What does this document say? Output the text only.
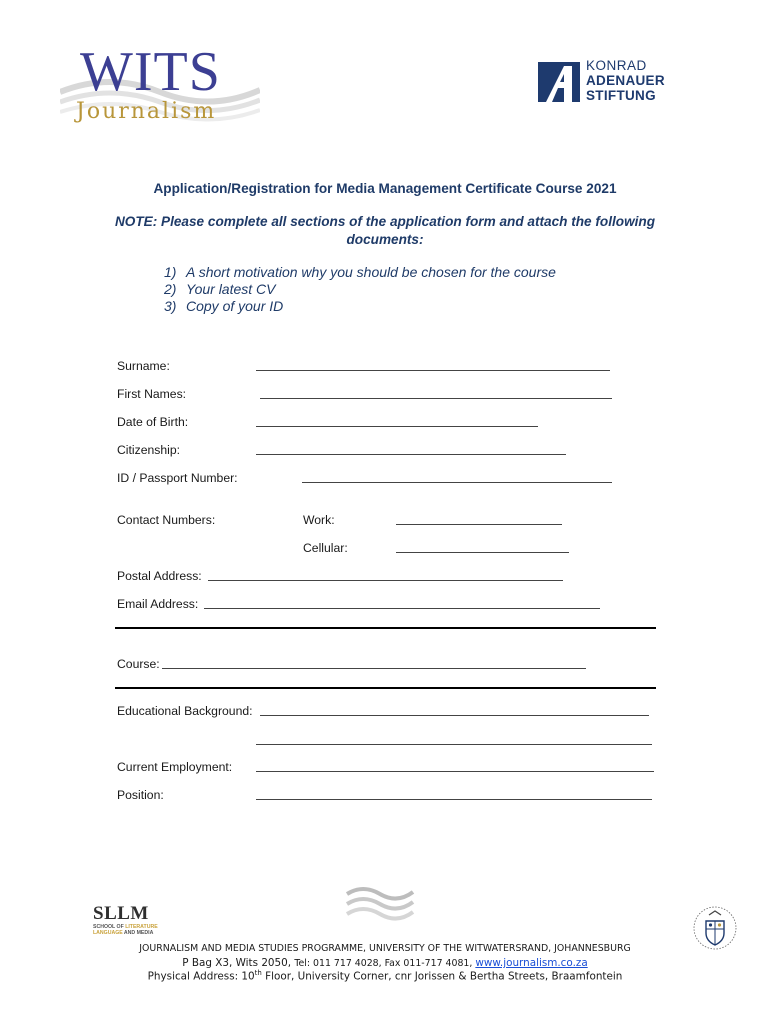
WITS
Journalism
KONRAD
ADENAUER
STIFTUNG
Application/Registration for Media Management Certificate Course 2021
NOTE: Please complete all sections of the application form and attach the following documents:
1) A short motivation why you should be chosen for the course
2) Your latest CV
3) Copy of your ID
Surname:
First Names:
Date of Birth:
Citizenship:
ID / Passport Number:
Contact Numbers:	Work:
Cellular:
Postal Address:
Email Address:
Course:
Educational Background:
Current Employment:
Position:
SLLM
SCHOOL OF LITERATURE
LANGUAGE AND MEDIA
JOURNALISM AND MEDIA STUDIES PROGRAMME, UNIVERSITY OF THE WITWATERSRAND, JOHANNESBURG
P Bag X3, Wits 2050, Tel: 011 717 4028, Fax 011-717 4081, www.journalism.co.za
Physical Address: 10th Floor, University Corner, cnr Jorissen & Bertha Streets, Braamfontein
